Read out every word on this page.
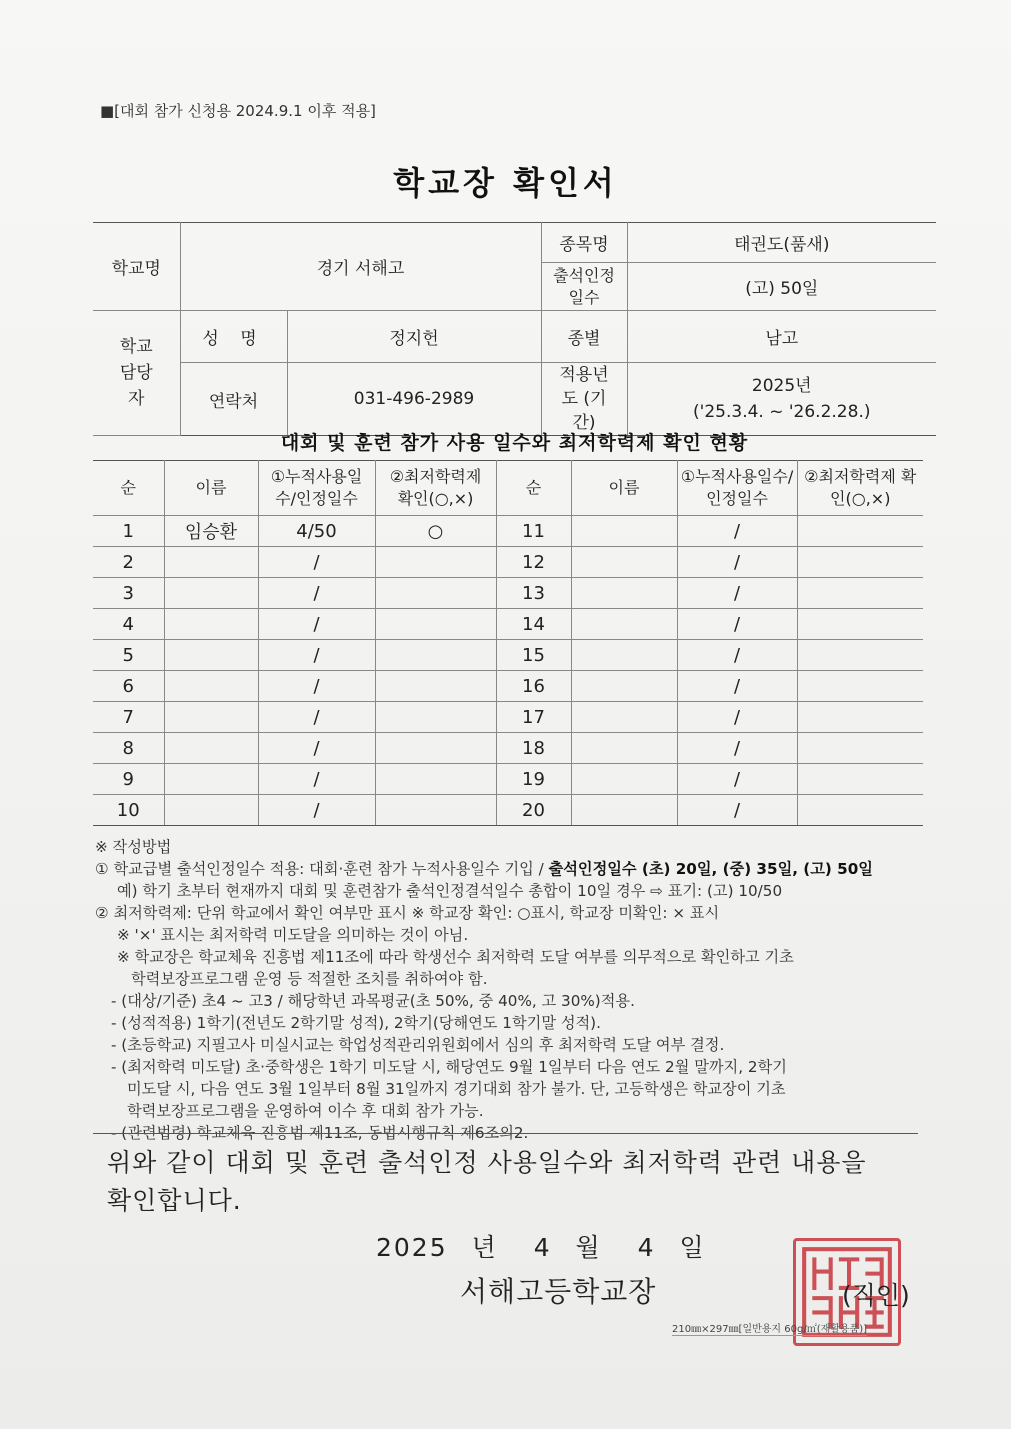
■[대회 참가 신청용 2024.9.1 이후 적용]
학교장 확인서
학교명	경기 서해고		종목명	태권도(품새)
			출석인정 일수	(고) 50일
학교 담당자	성 명	정지헌	종별	남고
	연락처	031-496-2989	적용년도 (기간)	2025년
('25.3.4. ~ '26.2.28.)
대회 및 훈련 참가 사용 일수와 최저학력제 확인 현황
순	이름	①누적사용일수/인정일수	②최저학력제 확인(○,×)	순	이름	①누적사용일수/인정일수	②최저학력제 확인(○,×)
1	임승환	4/50	○	11		/	
2		/		12		/	
3		/		13		/	
4		/		14		/	
5		/		15		/	
6		/		16		/	
7		/		17		/	
8		/		18		/	
9		/		19		/	
10		/		20		/	
※ 작성방법
① 학교급별 출석인정일수 적용: 대회·훈련 참가 누적사용일수 기입 / 출석인정일수 (초) 20일, (중) 35일, (고) 50일
예) 학기 초부터 현재까지 대회 및 훈련참가 출석인정결석일수 총합이 10일 경우 ⇨ 표기: (고) 10/50
② 최저학력제: 단위 학교에서 확인 여부만 표시 ※ 학교장 확인: ○표시, 학교장 미확인: × 표시
※ '×' 표시는 최저학력 미도달을 의미하는 것이 아님.
※ 학교장은 학교체육 진흥법 제11조에 따라 학생선수 최저학력 도달 여부를 의무적으로 확인하고 기초
학력보장프로그램 운영 등 적절한 조치를 취하여야 함.
- (대상/기준) 초4 ~ 고3 / 해당학년 과목평균(초 50%, 중 40%, 고 30%)적용.
- (성적적용) 1학기(전년도 2학기말 성적), 2학기(당해연도 1학기말 성적).
- (초등학교) 지필고사 미실시교는 학업성적관리위원회에서 심의 후 최저학력 도달 여부 결정.
- (최저학력 미도달) 초·중학생은 1학기 미도달 시, 해당연도 9월 1일부터 다음 연도 2월 말까지, 2학기
미도달 시, 다음 연도 3월 1일부터 8월 31일까지 경기대회 참가 불가. 단, 고등학생은 학교장이 기초
학력보장프로그램을 운영하여 이수 후 대회 참가 가능.
- (관련법령) 학교체육 진흥법 제11조, 동법시행규칙 제6조의2.
위와 같이 대회 및 훈련 출석인정 사용일수와 최저학력 관련 내용을
확인합니다.
2025 년 4 월 4 일
서해고등학교장	(직인)
210㎜×297㎜[일반용지 60g/㎡(재활용품)]
